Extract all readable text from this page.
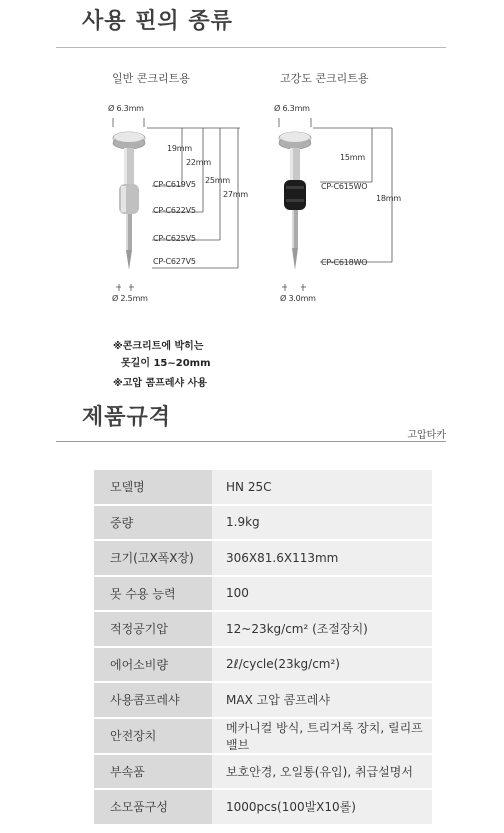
사용 핀의 종류
일반 콘크리트용	고강도 콘크리트용
Ø 6.3mm
Ø 2.5mm
19mm
22mm
25mm
27mm
CP-C619V5
CP-C622V5
CP-C625V5
CP-C627V5
Ø 6.3mm
Ø 3.0mm
15mm
18mm
CP-C615WO
CP-C618WO
※콘크리트에 박히는
못길이 15~20mm
※고압 콤프레샤 사용
제품규격
고압타카
모델명	HN 25C
중량	1.9kg
크기(고X폭X장)	306X81.6X113mm
못 수용 능력	100
적정공기압	12~23kg/cm² (조절장치)
에어소비량	2ℓ/cycle(23kg/cm²)
사용콤프레샤	MAX 고압 콤프레샤
안전장치	메카니컬 방식, 트리거록 장치, 릴리프밸브
부속품	보호안경, 오일통(유입), 취급설명서
소모품구성	1000pcs(100발X10롤)
